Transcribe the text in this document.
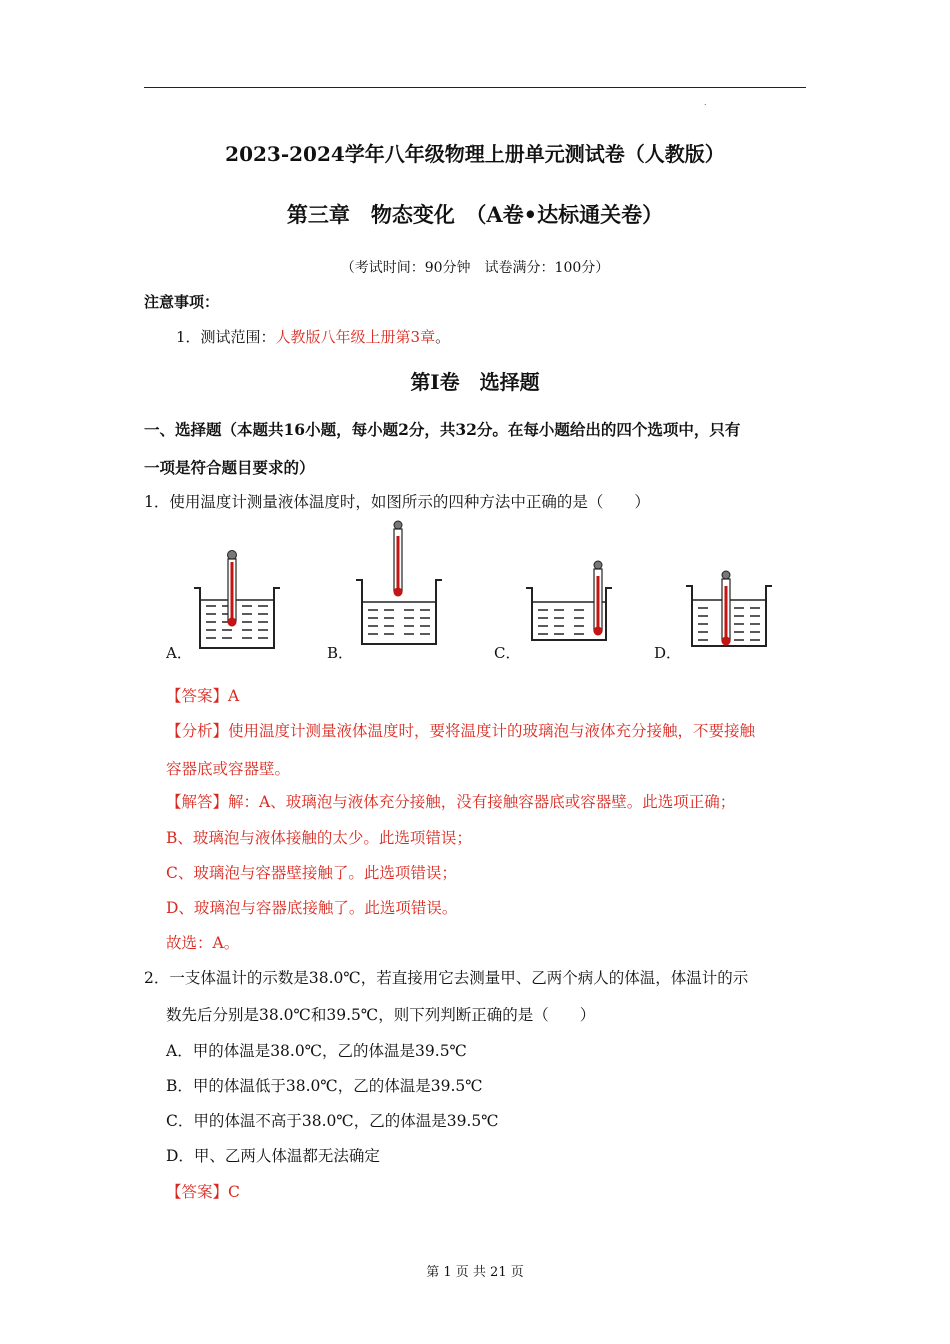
.
2023-2024学年八年级物理上册单元测试卷（人教版）
第三章　物态变化　（A卷•达标通关卷）
（考试时间：90分钟　试卷满分：100分）
注意事项：
1．测试范围：人教版八年级上册第3章。
第Ⅰ卷　选择题
一、选择题（本题共16小题，每小题2分，共32分。在每小题给出的四个选项中，只有
一项是符合题目要求的）
1．使用温度计测量液体温度时，如图所示的四种方法中正确的是（　　）
A．	B．	C．	D．
【答案】A
【分析】使用温度计测量液体温度时，要将温度计的玻璃泡与液体充分接触，不要接触
容器底或容器壁。
【解答】解：A、玻璃泡与液体充分接触，没有接触容器底或容器壁。此选项正确；
B、玻璃泡与液体接触的太少。此选项错误；
C、玻璃泡与容器壁接触了。此选项错误；
D、玻璃泡与容器底接触了。此选项错误。
故选：A。
2．一支体温计的示数是38.0℃，若直接用它去测量甲、乙两个病人的体温，体温计的示
数先后分别是38.0℃和39.5℃，则下列判断正确的是（　　）
A．甲的体温是38.0℃，乙的体温是39.5℃
B．甲的体温低于38.0℃，乙的体温是39.5℃
C．甲的体温不高于38.0℃，乙的体温是39.5℃
D．甲、乙两人体温都无法确定
【答案】C
第 1 页 共 21 页
